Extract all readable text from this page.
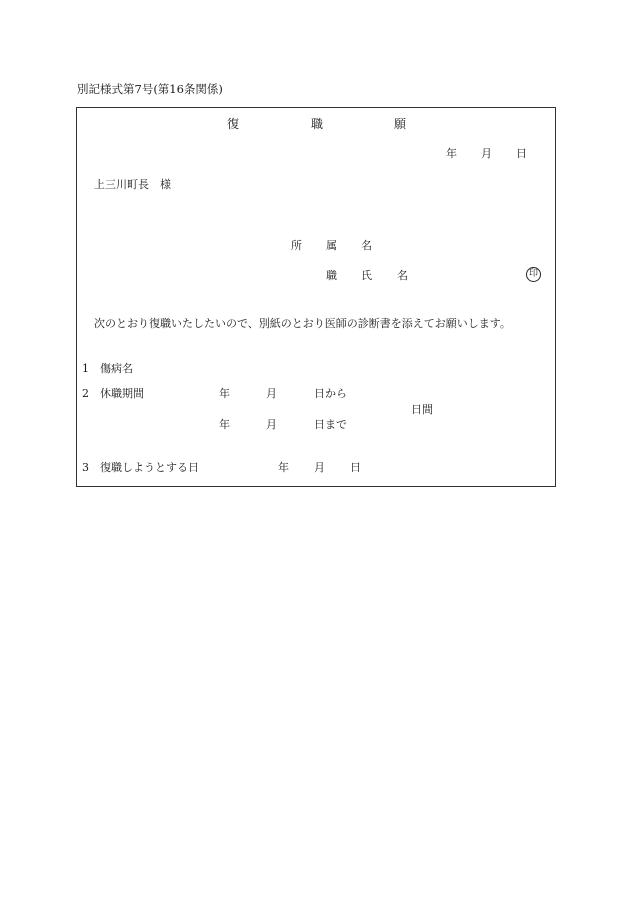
別記様式第7号(第16条関係)
復	職	願
年 月 日
上三川町長　様
所 属 名
職 氏 名	印
次のとおり復職いたしたいので、別紙のとおり医師の診断書を添えてお願いします。
1 傷病名
2 休職期間	年	月	日から
日間
年	月	日まで
3 復職しようとする日	年 月 日
